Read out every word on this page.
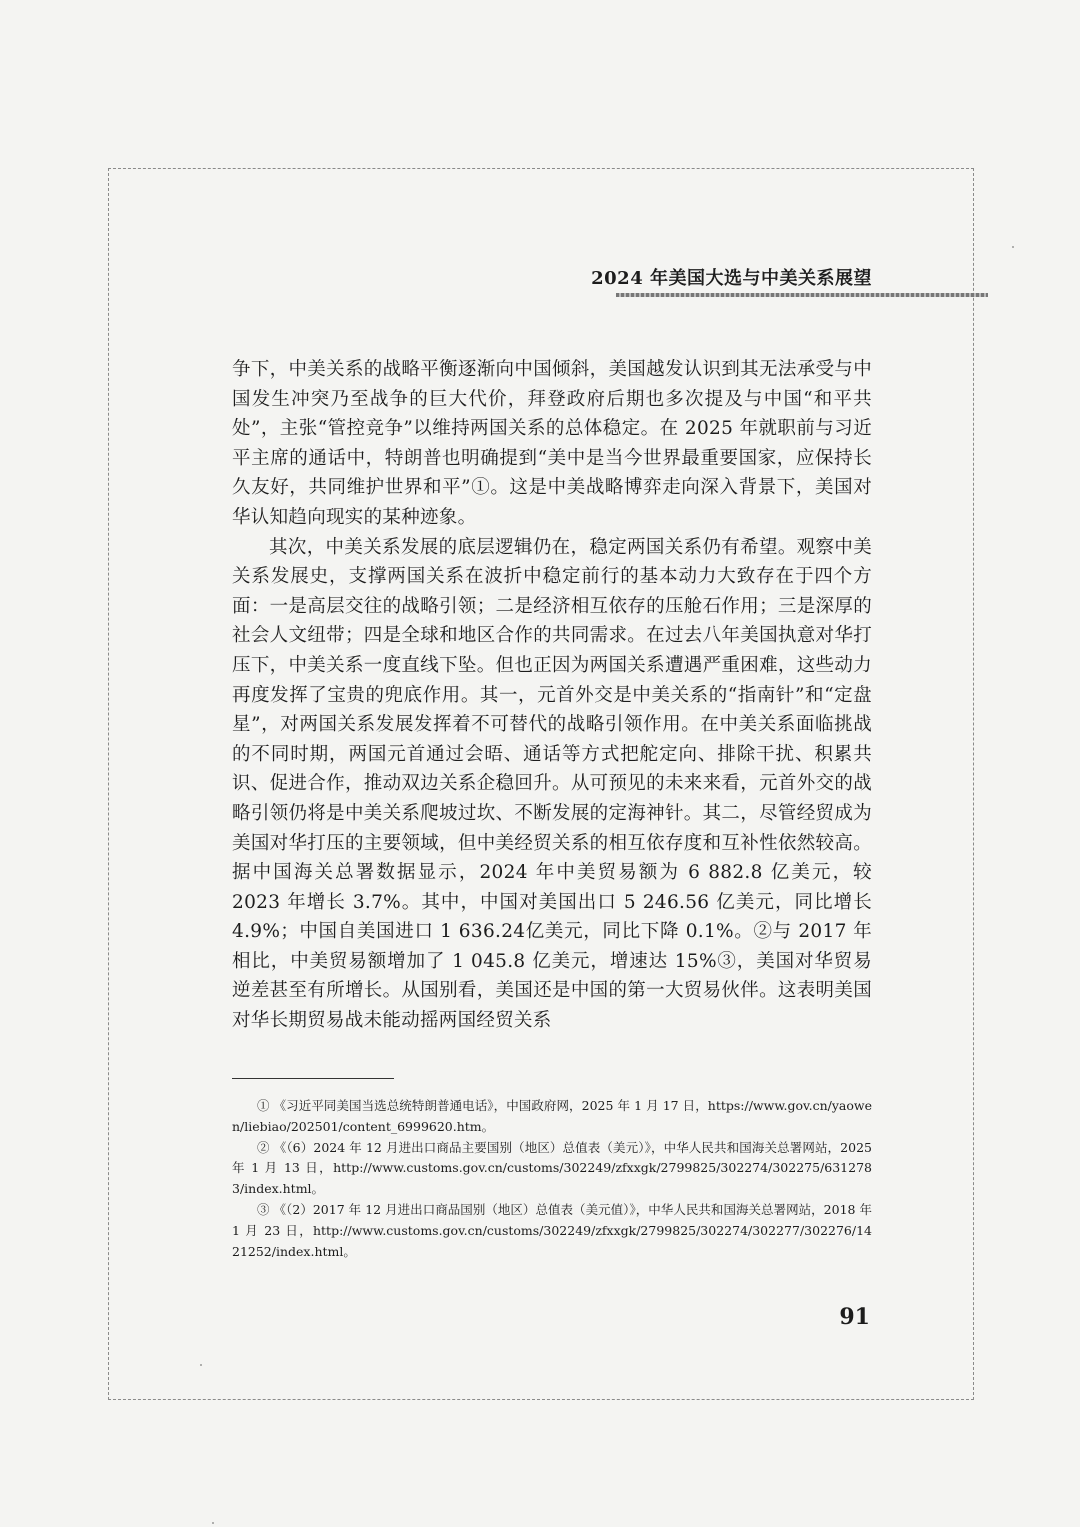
2024 年美国大选与中美关系展望

争下，中美关系的战略平衡逐渐向中国倾斜，美国越发认识到其无法承受与中国发生冲突乃至战争的巨大代价，拜登政府后期也多次提及与中国“和平共处”，主张“管控竞争”以维持两国关系的总体稳定。在 2025 年就职前与习近平主席的通话中，特朗普也明确提到“美中是当今世界最重要国家，应保持长久友好，共同维护世界和平”①。这是中美战略博弈走向深入背景下，美国对华认知趋向现实的某种迹象。

其次，中美关系发展的底层逻辑仍在，稳定两国关系仍有希望。观察中美关系发展史，支撑两国关系在波折中稳定前行的基本动力大致存在于四个方面：一是高层交往的战略引领；二是经济相互依存的压舱石作用；三是深厚的社会人文纽带；四是全球和地区合作的共同需求。在过去八年美国执意对华打压下，中美关系一度直线下坠。但也正因为两国关系遭遇严重困难，这些动力再度发挥了宝贵的兜底作用。其一，元首外交是中美关系的“指南针”和“定盘星”，对两国关系发展发挥着不可替代的战略引领作用。在中美关系面临挑战的不同时期，两国元首通过会晤、通话等方式把舵定向、排除干扰、积累共识、促进合作，推动双边关系企稳回升。从可预见的未来来看，元首外交的战略引领仍将是中美关系爬坡过坎、不断发展的定海神针。其二，尽管经贸成为美国对华打压的主要领域，但中美经贸关系的相互依存度和互补性依然较高。据中国海关总署数据显示，2024 年中美贸易额为 6 882.8 亿美元，较 2023 年增长 3.7%。其中，中国对美国出口 5 246.56 亿美元，同比增长 4.9%；中国自美国进口 1 636.24亿美元，同比下降 0.1%。②与 2017 年相比，中美贸易额增加了 1 045.8 亿美元，增速达 15%③，美国对华贸易逆差甚至有所增长。从国别看，美国还是中国的第一大贸易伙伴。这表明美国对华长期贸易战未能动摇两国经贸关系

① 《习近平同美国当选总统特朗普通电话》，中国政府网，2025 年 1 月 17 日，https://www.gov.cn/yaowen/liebiao/202501/content_6999620.htm。

② 《（6）2024 年 12 月进出口商品主要国别（地区）总值表（美元）》，中华人民共和国海关总署网站，2025 年 1 月 13 日，http://www.customs.gov.cn/customs/302249/zfxxgk/2799825/302274/302275/6312783/index.html。

③ 《（2）2017 年 12 月进出口商品国别（地区）总值表（美元值）》，中华人民共和国海关总署网站，2018 年 1 月 23 日，http://www.customs.gov.cn/customs/302249/zfxxgk/2799825/302274/302277/302276/1421252/index.html。

91
